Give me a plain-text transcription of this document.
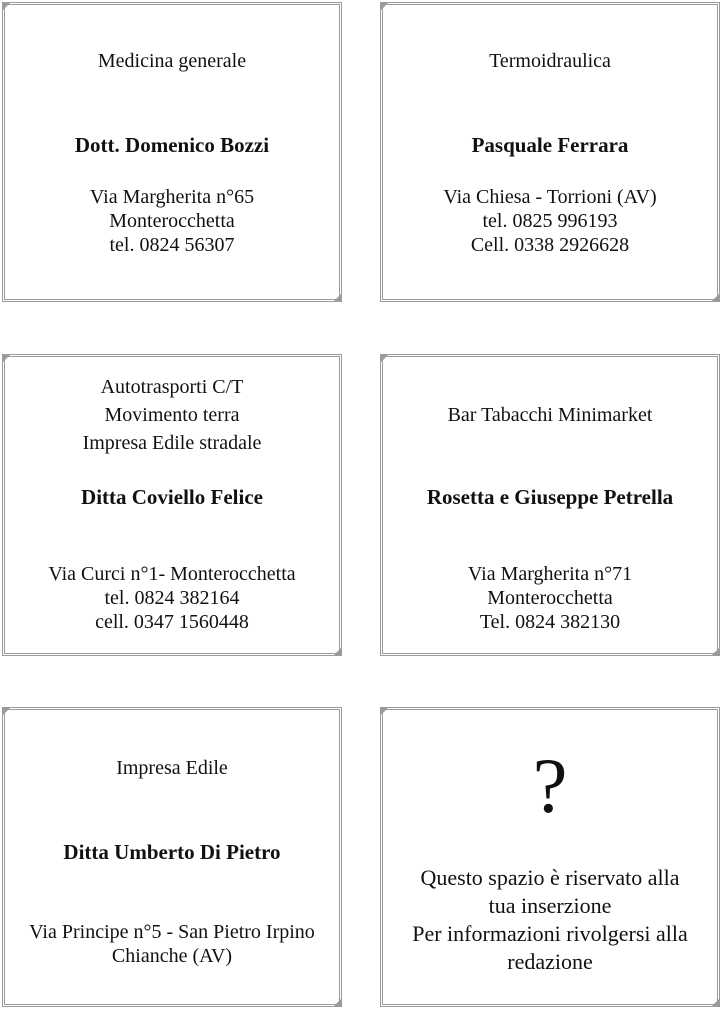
Medicina generale
Dott. Domenico Bozzi
Via Margherita n°65
Monterocchetta
tel. 0824 56307
Termoidraulica
Pasquale Ferrara
Via Chiesa - Torrioni (AV)
tel. 0825 996193
Cell. 0338 2926628
Autotrasporti C/T
Movimento terra
Impresa Edile stradale
Ditta Coviello Felice
Via Curci n°1- Monterocchetta
tel. 0824 382164
cell. 0347 1560448
Bar Tabacchi Minimarket
Rosetta e Giuseppe Petrella
Via Margherita n°71
Monterocchetta
Tel. 0824 382130
Impresa Edile
Ditta Umberto Di Pietro
Via Principe n°5 - San Pietro Irpino
Chianche (AV)
?
Questo spazio è riservato alla
tua inserzione
Per informazioni rivolgersi alla
redazione
